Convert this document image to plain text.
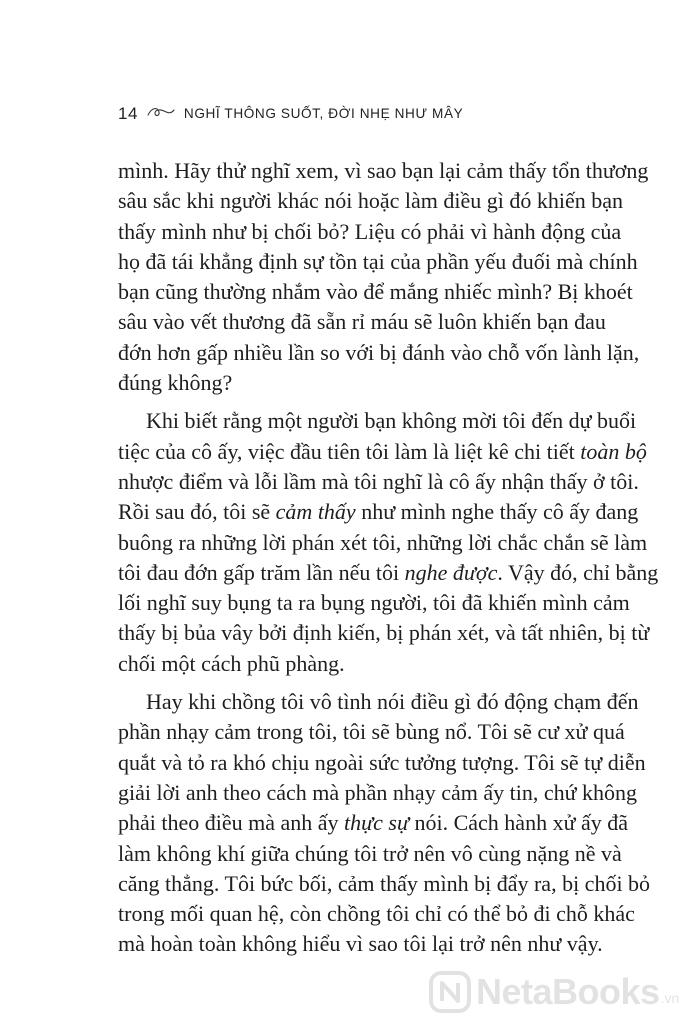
14	NGHĨ THÔNG SUỐT, ĐỜI NHẸ NHƯ MÂY

mình. Hãy thử nghĩ xem, vì sao bạn lại cảm thấy tổn thương
sâu sắc khi người khác nói hoặc làm điều gì đó khiến bạn
thấy mình như bị chối bỏ? Liệu có phải vì hành động của
họ đã tái khẳng định sự tồn tại của phần yếu đuối mà chính
bạn cũng thường nhắm vào để mắng nhiếc mình? Bị khoét
sâu vào vết thương đã sẵn rỉ máu sẽ luôn khiến bạn đau
đớn hơn gấp nhiều lần so với bị đánh vào chỗ vốn lành lặn,
đúng không?

Khi biết rằng một người bạn không mời tôi đến dự buổi
tiệc của cô ấy, việc đầu tiên tôi làm là liệt kê chi tiết toàn bộ
nhược điểm và lỗi lầm mà tôi nghĩ là cô ấy nhận thấy ở tôi.
Rồi sau đó, tôi sẽ cảm thấy như mình nghe thấy cô ấy đang
buông ra những lời phán xét tôi, những lời chắc chắn sẽ làm
tôi đau đớn gấp trăm lần nếu tôi nghe được. Vậy đó, chỉ bằng
lối nghĩ suy bụng ta ra bụng người, tôi đã khiến mình cảm
thấy bị bủa vây bởi định kiến, bị phán xét, và tất nhiên, bị từ
chối một cách phũ phàng.

Hay khi chồng tôi vô tình nói điều gì đó động chạm đến
phần nhạy cảm trong tôi, tôi sẽ bùng nổ. Tôi sẽ cư xử quá
quắt và tỏ ra khó chịu ngoài sức tưởng tượng. Tôi sẽ tự diễn
giải lời anh theo cách mà phần nhạy cảm ấy tin, chứ không
phải theo điều mà anh ấy thực sự nói. Cách hành xử ấy đã
làm không khí giữa chúng tôi trở nên vô cùng nặng nề và
căng thẳng. Tôi bức bối, cảm thấy mình bị đẩy ra, bị chối bỏ
trong mối quan hệ, còn chồng tôi chỉ có thể bỏ đi chỗ khác
mà hoàn toàn không hiểu vì sao tôi lại trở nên như vậy.

NetaBooks .vn
